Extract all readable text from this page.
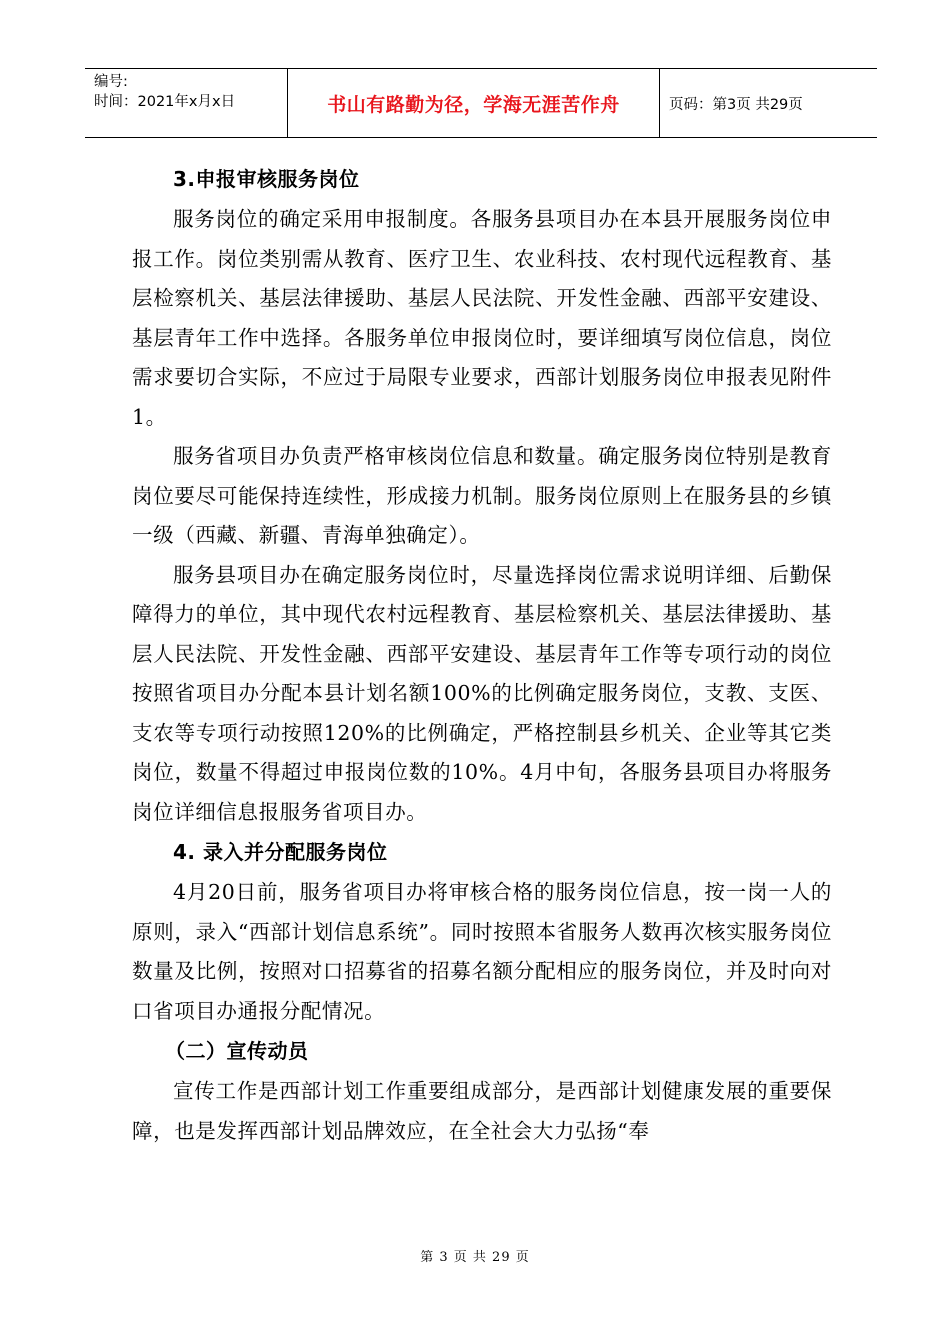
编号:
时间：2021年x月x日	书山有路勤为径，学海无涯苦作舟	页码：第3页 共29页

3.申报审核服务岗位

服务岗位的确定采用申报制度。各服务县项目办在本县开展服务岗位申报工作。岗位类别需从教育、医疗卫生、农业科技、农村现代远程教育、基层检察机关、基层法律援助、基层人民法院、开发性金融、西部平安建设、基层青年工作中选择。各服务单位申报岗位时，要详细填写岗位信息，岗位需求要切合实际，不应过于局限专业要求，西部计划服务岗位申报表见附件1。

服务省项目办负责严格审核岗位信息和数量。确定服务岗位特别是教育岗位要尽可能保持连续性，形成接力机制。服务岗位原则上在服务县的乡镇一级（西藏、新疆、青海单独确定）。

服务县项目办在确定服务岗位时，尽量选择岗位需求说明详细、后勤保障得力的单位，其中现代农村远程教育、基层检察机关、基层法律援助、基层人民法院、开发性金融、西部平安建设、基层青年工作等专项行动的岗位按照省项目办分配本县计划名额100%的比例确定服务岗位，支教、支医、支农等专项行动按照120%的比例确定，严格控制县乡机关、企业等其它类岗位，数量不得超过申报岗位数的10%。4月中旬，各服务县项目办将服务岗位详细信息报服务省项目办。

4. 录入并分配服务岗位

4月20日前，服务省项目办将审核合格的服务岗位信息，按一岗一人的原则，录入“西部计划信息系统”。同时按照本省服务人数再次核实服务岗位数量及比例，按照对口招募省的招募名额分配相应的服务岗位，并及时向对口省项目办通报分配情况。

（二）宣传动员

宣传工作是西部计划工作重要组成部分，是西部计划健康发展的重要保障，也是发挥西部计划品牌效应，在全社会大力弘扬“奉

第 3 页 共 29 页
